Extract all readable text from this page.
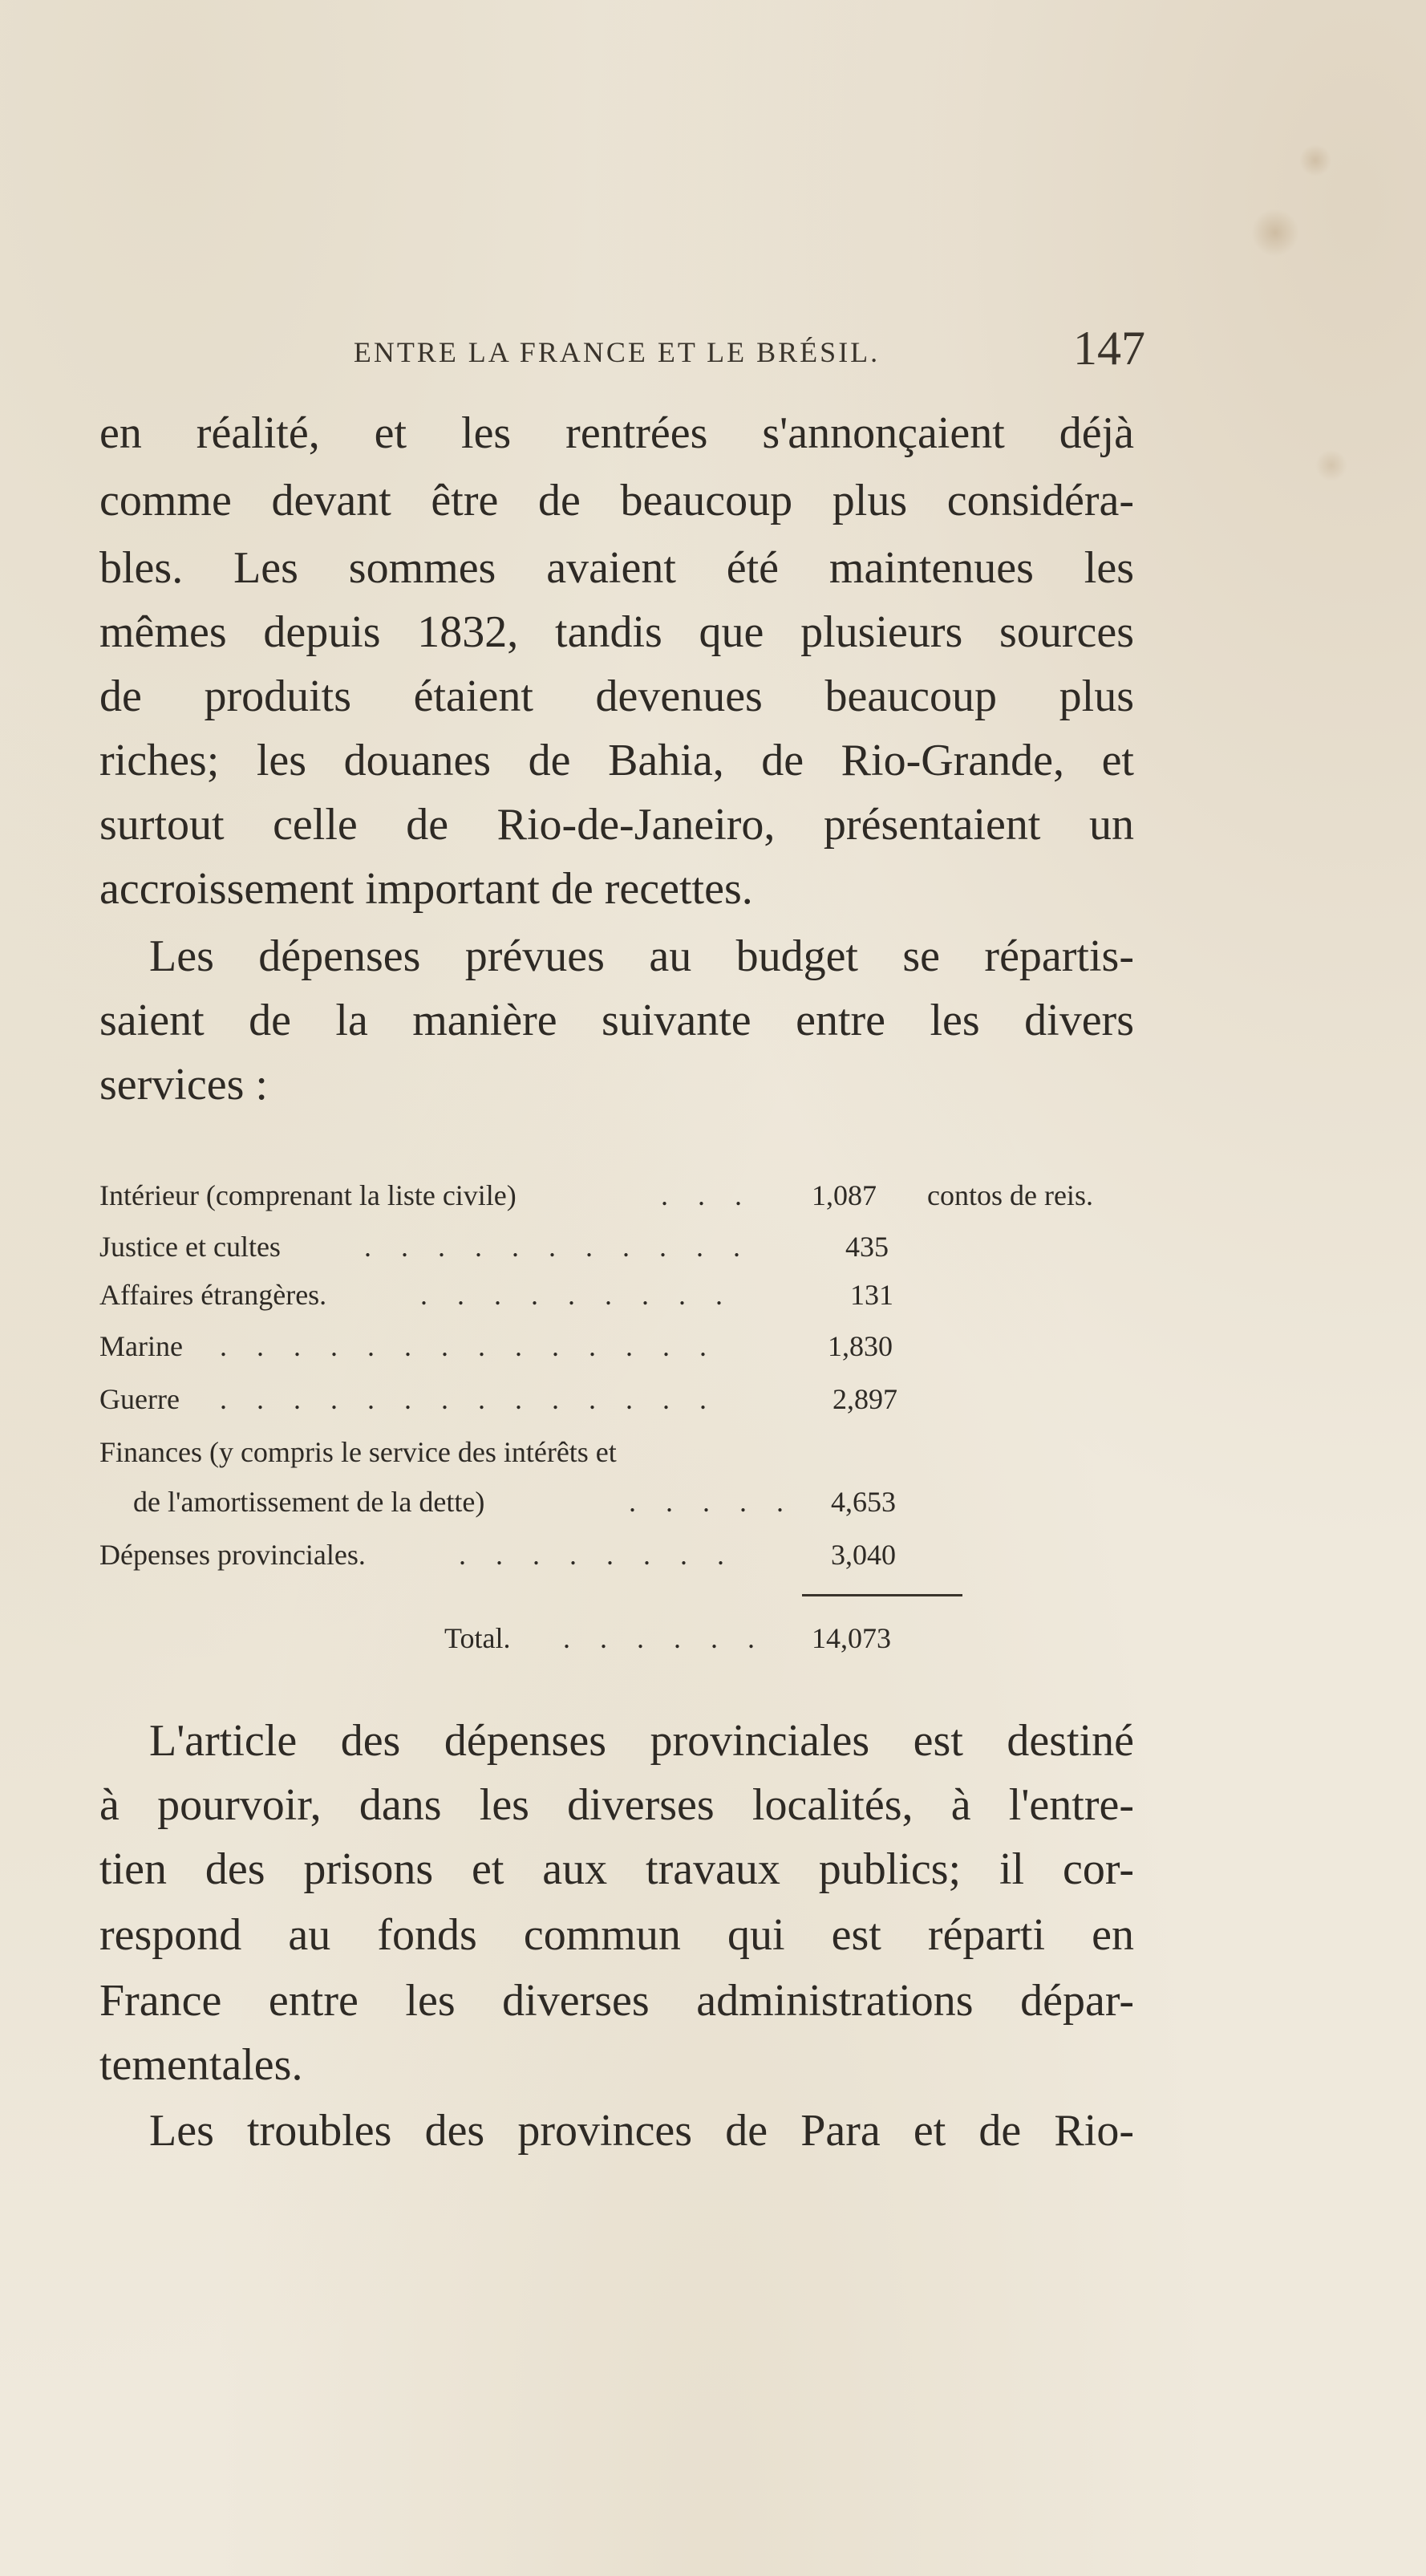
ENTRE LA FRANCE ET LE BRÉSIL.	147
en réalité, et les rentrées s'annonçaient déjà
comme devant être de beaucoup plus considéra-
bles. Les sommes avaient été maintenues les
mêmes depuis 1832, tandis que plusieurs sources
de produits étaient devenues beaucoup plus
riches; les douanes de Bahia, de Rio-Grande, et
surtout celle de Rio-de-Janeiro, présentaient un
accroissement important de recettes.
Les dépenses prévues au budget se répartis-
saient de la manière suivante entre les divers
services :
Intérieur (comprenant la liste civile)	. . . 1,087	contos de reis.
Justice et cultes	. . . . . . . . . . .	435
Affaires étrangères.	. . . . . . . . .	131
Marine . . . . . . . . . . . . . .	1,830
Guerre . . . . . . . . . . . . . .	2,897
Finances (y compris le service des intérêts et
de l'amortissement de la dette)	. . . . . 4,653
Dépenses provinciales.	. . . . . . . .	3,040
Total. . . . . . . 14,073
L'article des dépenses provinciales est destiné
à pourvoir, dans les diverses localités, à l'entre-
tien des prisons et aux travaux publics; il cor-
respond au fonds commun qui est réparti en
France entre les diverses administrations dépar-
tementales.
Les troubles des provinces de Para et de Rio-
